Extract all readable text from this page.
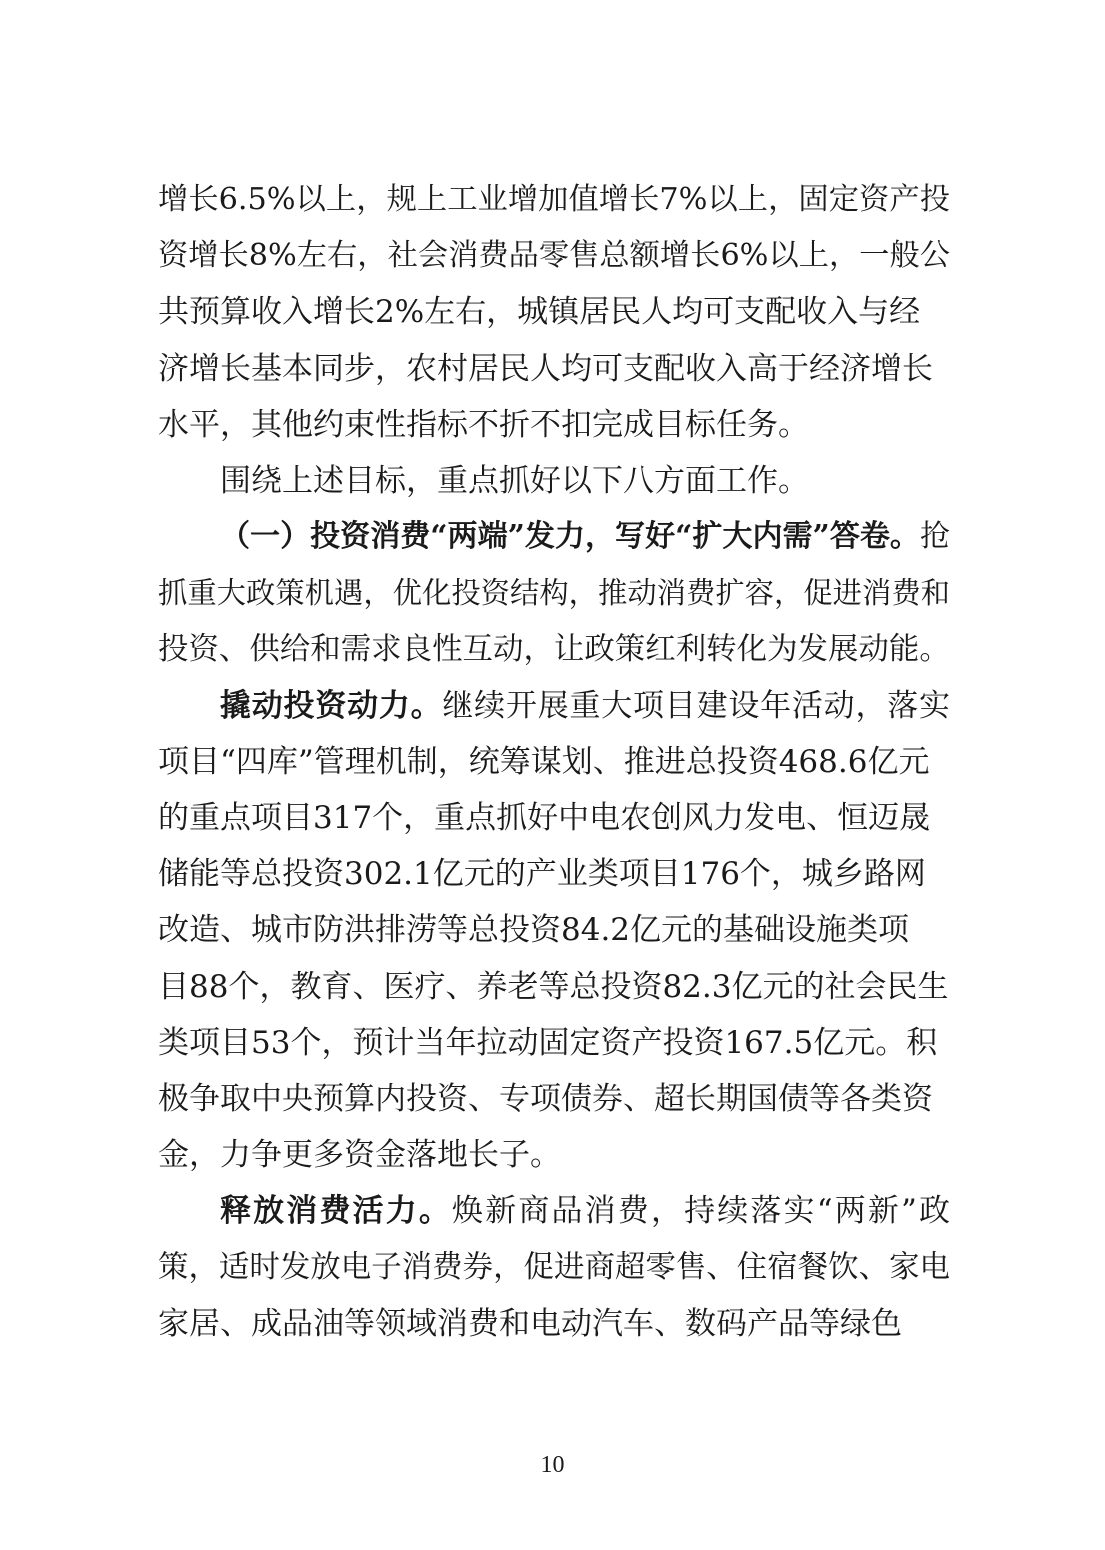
增长6.5%以上，规上工业增加值增长7%以上，固定资产投
资增长8%左右，社会消费品零售总额增长6%以上，一般公
共预算收入增长2%左右，城镇居民人均可支配收入与经
济增长基本同步，农村居民人均可支配收入高于经济增长
水平，其他约束性指标不折不扣完成目标任务。
围绕上述目标，重点抓好以下八方面工作。
（一）投资消费“两端”发力，写好“扩大内需”答卷。抢
抓重大政策机遇，优化投资结构，推动消费扩容，促进消费和
投资、供给和需求良性互动，让政策红利转化为发展动能。
撬动投资动力。继续开展重大项目建设年活动，落实
项目“四库”管理机制，统筹谋划、推进总投资468.6亿元
的重点项目317个，重点抓好中电农创风力发电、恒迈晟
储能等总投资302.1亿元的产业类项目176个，城乡路网
改造、城市防洪排涝等总投资84.2亿元的基础设施类项
目88个，教育、医疗、养老等总投资82.3亿元的社会民生
类项目53个，预计当年拉动固定资产投资167.5亿元。积
极争取中央预算内投资、专项债券、超长期国债等各类资
金，力争更多资金落地长子。
释放消费活力。焕新商品消费，持续落实“两新”政
策，适时发放电子消费券，促进商超零售、住宿餐饮、家电
家居、成品油等领域消费和电动汽车、数码产品等绿色
10
